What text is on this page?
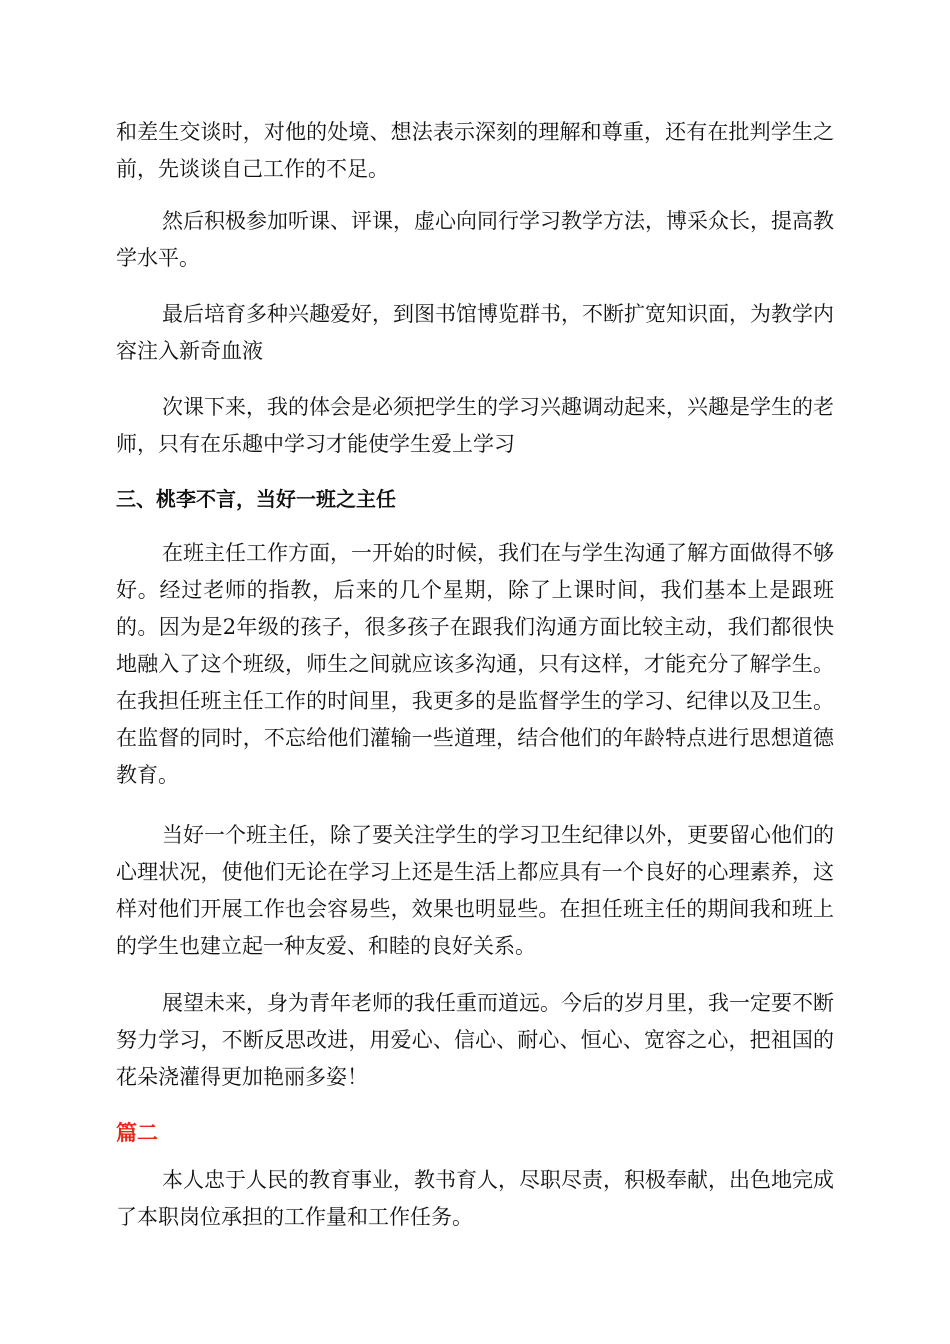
和差生交谈时，对他的处境、想法表示深刻的理解和尊重，还有在批判学生之前，先谈谈自己工作的不足。

然后积极参加听课、评课，虚心向同行学习教学方法，博采众长，提高教学水平。

最后培育多种兴趣爱好，到图书馆博览群书，不断扩宽知识面，为教学内容注入新奇血液

次课下来，我的体会是必须把学生的学习兴趣调动起来，兴趣是学生的老师，只有在乐趣中学习才能使学生爱上学习

三、桃李不言，当好一班之主任

在班主任工作方面，一开始的时候，我们在与学生沟通了解方面做得不够好。经过老师的指教，后来的几个星期，除了上课时间，我们基本上是跟班的。因为是2年级的孩子，很多孩子在跟我们沟通方面比较主动，我们都很快地融入了这个班级，师生之间就应该多沟通，只有这样，才能充分了解学生。在我担任班主任工作的时间里，我更多的是监督学生的学习、纪律以及卫生。在监督的同时，不忘给他们灌输一些道理，结合他们的年龄特点进行思想道德教育。

当好一个班主任，除了要关注学生的学习卫生纪律以外，更要留心他们的心理状况，使他们无论在学习上还是生活上都应具有一个良好的心理素养，这样对他们开展工作也会容易些，效果也明显些。在担任班主任的期间我和班上的学生也建立起一种友爱、和睦的良好关系。

展望未来，身为青年老师的我任重而道远。今后的岁月里，我一定要不断努力学习，不断反思改进，用爱心、信心、耐心、恒心、宽容之心，把祖国的花朵浇灌得更加艳丽多姿！

篇二

本人忠于人民的教育事业，教书育人，尽职尽责，积极奉献，出色地完成了本职岗位承担的工作量和工作任务。
